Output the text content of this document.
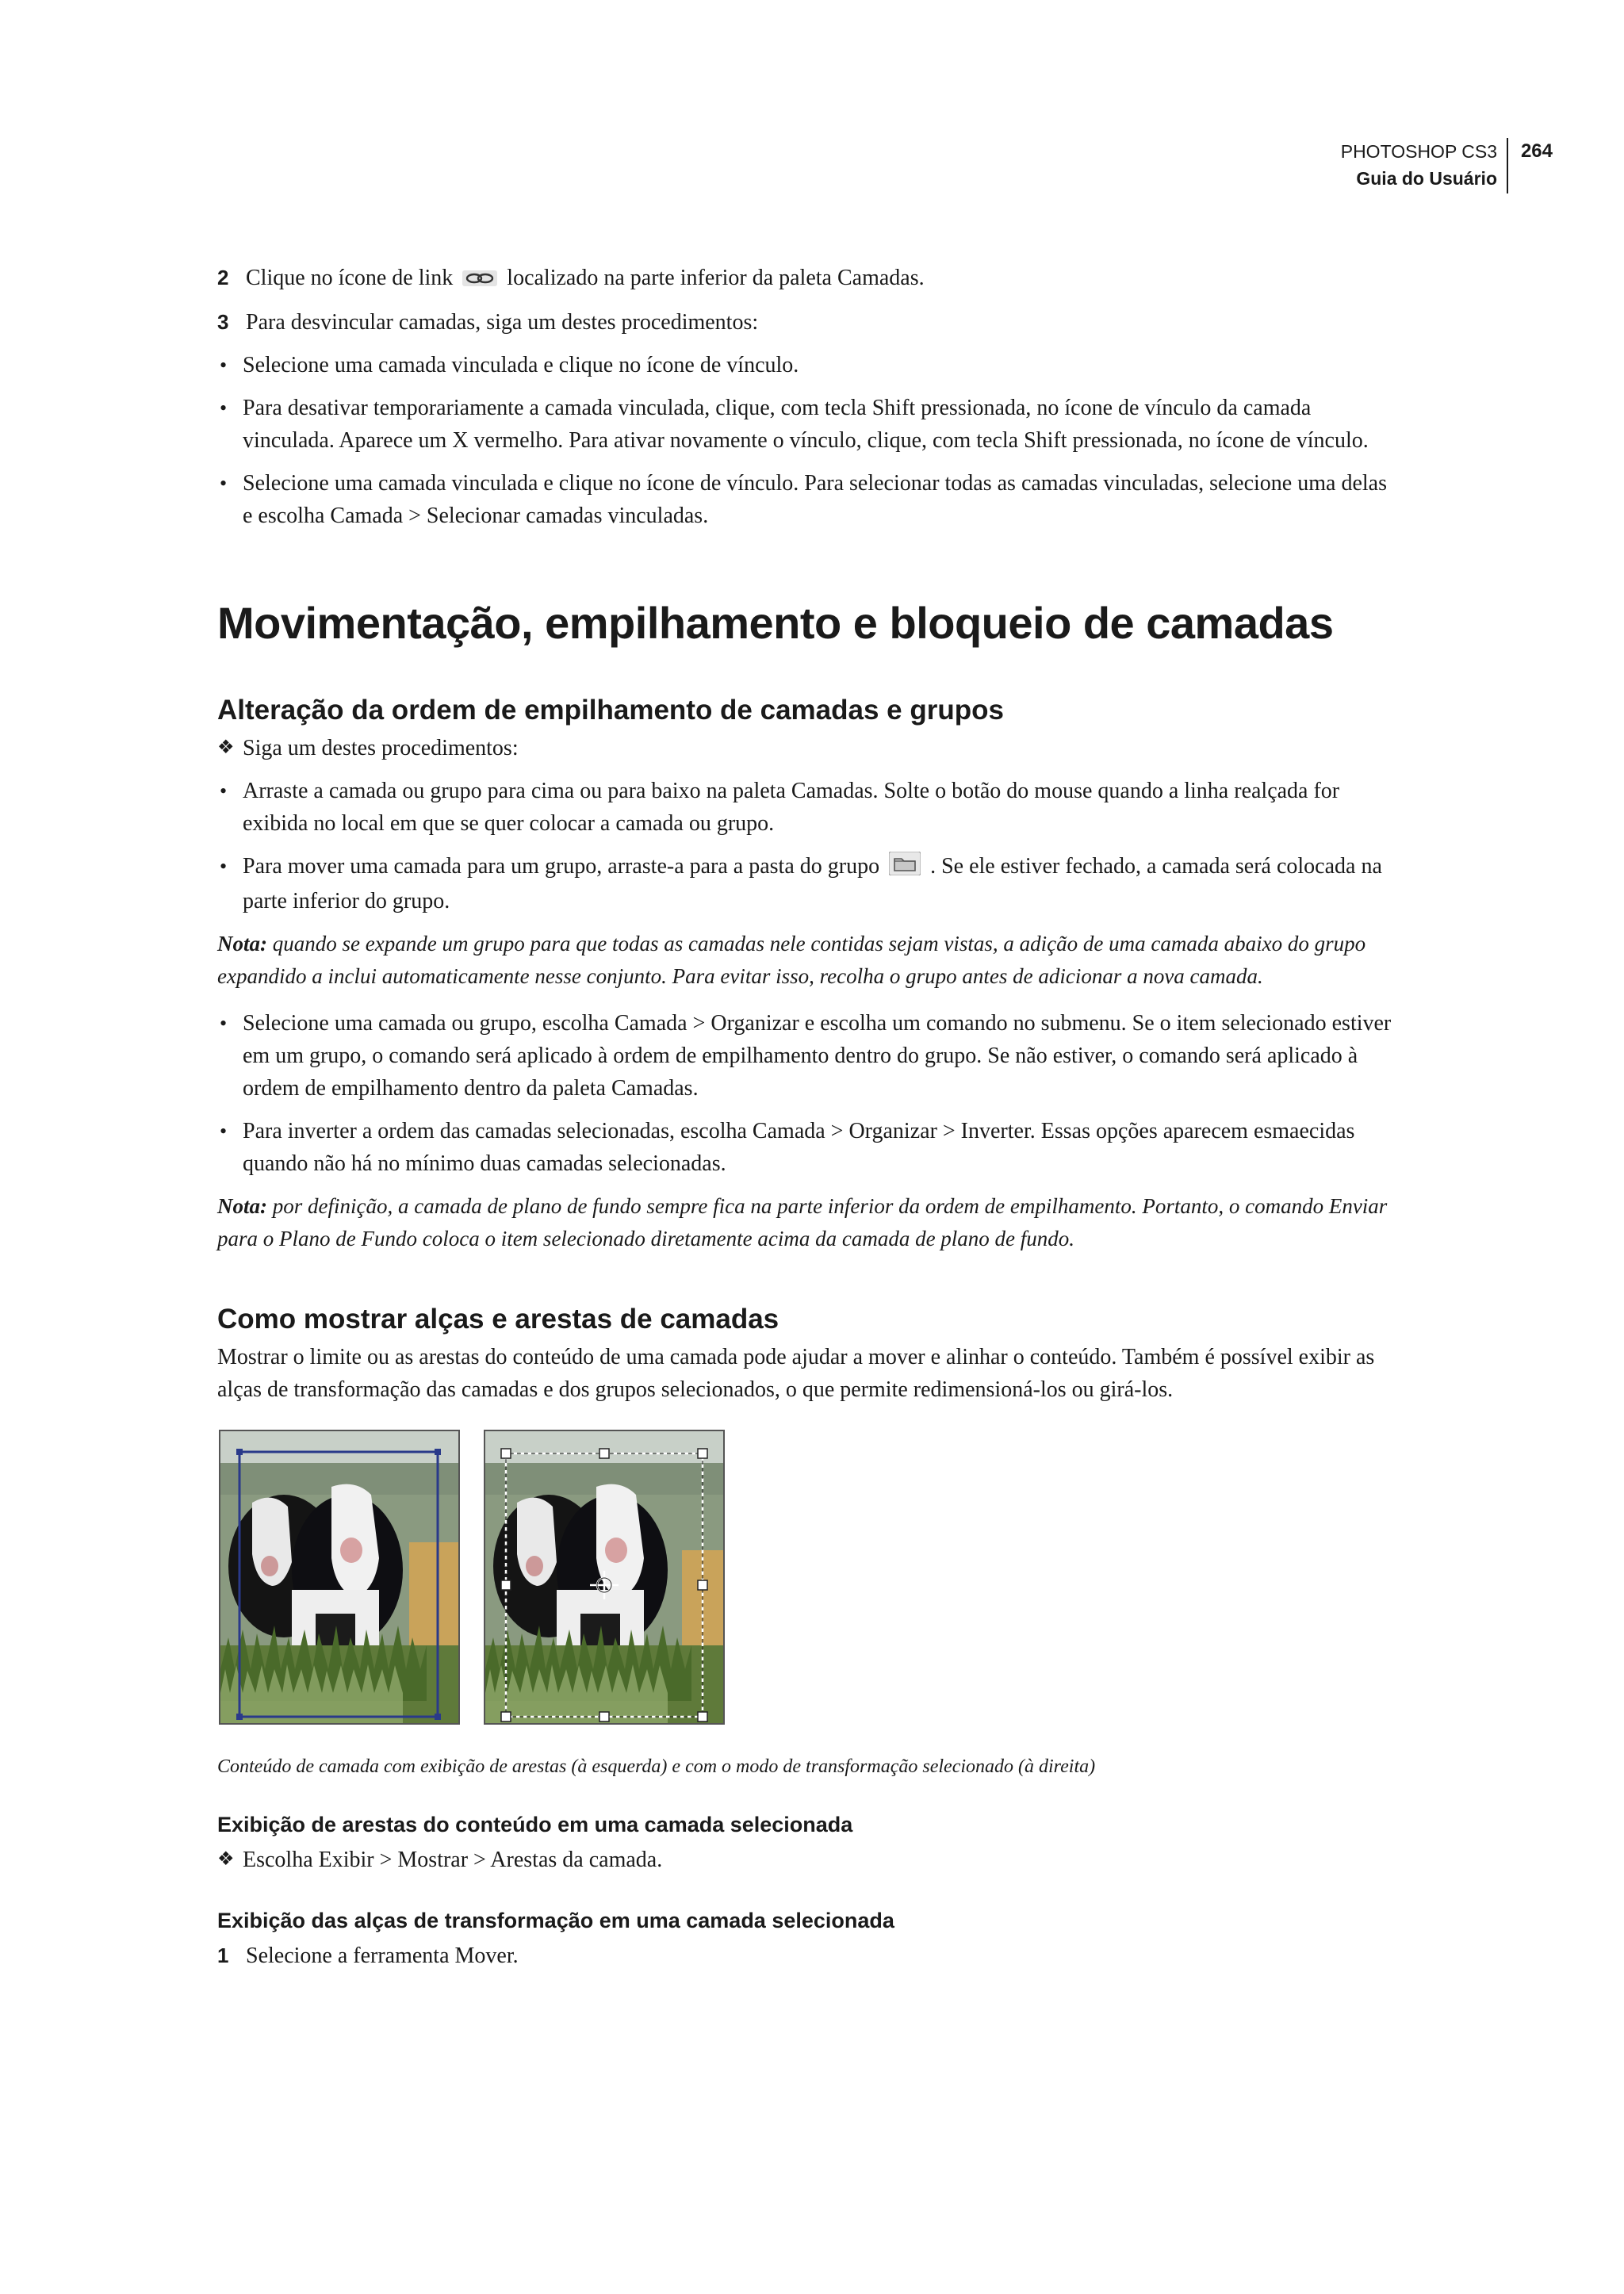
PHOTOSHOP CS3
Guia do Usuário
264
2 Clique no ícone de link localizado na parte inferior da paleta Camadas.
3 Para desvincular camadas, siga um destes procedimentos:
• Selecione uma camada vinculada e clique no ícone de vínculo.
• Para desativar temporariamente a camada vinculada, clique, com tecla Shift pressionada, no ícone de vínculo da camada vinculada. Aparece um X vermelho. Para ativar novamente o vínculo, clique, com tecla Shift pressionada, no ícone de vínculo.
• Selecione uma camada vinculada e clique no ícone de vínculo. Para selecionar todas as camadas vinculadas, selecione uma delas e escolha Camada > Selecionar camadas vinculadas.
Movimentação, empilhamento e bloqueio de camadas
Alteração da ordem de empilhamento de camadas e grupos
❖ Siga um destes procedimentos:
• Arraste a camada ou grupo para cima ou para baixo na paleta Camadas. Solte o botão do mouse quando a linha realçada for exibida no local em que se quer colocar a camada ou grupo.
• Para mover uma camada para um grupo, arraste-a para a pasta do grupo . Se ele estiver fechado, a camada será colocada na parte inferior do grupo.
Nota: quando se expande um grupo para que todas as camadas nele contidas sejam vistas, a adição de uma camada abaixo do grupo expandido a inclui automaticamente nesse conjunto. Para evitar isso, recolha o grupo antes de adicionar a nova camada.
• Selecione uma camada ou grupo, escolha Camada > Organizar e escolha um comando no submenu. Se o item selecionado estiver em um grupo, o comando será aplicado à ordem de empilhamento dentro do grupo. Se não estiver, o comando será aplicado à ordem de empilhamento dentro da paleta Camadas.
• Para inverter a ordem das camadas selecionadas, escolha Camada > Organizar > Inverter. Essas opções aparecem esmaecidas quando não há no mínimo duas camadas selecionadas.
Nota: por definição, a camada de plano de fundo sempre fica na parte inferior da ordem de empilhamento. Portanto, o comando Enviar para o Plano de Fundo coloca o item selecionado diretamente acima da camada de plano de fundo.
Como mostrar alças e arestas de camadas
Mostrar o limite ou as arestas do conteúdo de uma camada pode ajudar a mover e alinhar o conteúdo. Também é possível exibir as alças de transformação das camadas e dos grupos selecionados, o que permite redimensioná-los ou girá-los.
Conteúdo de camada com exibição de arestas (à esquerda) e com o modo de transformação selecionado (à direita)
Exibição de arestas do conteúdo em uma camada selecionada
❖ Escolha Exibir > Mostrar > Arestas da camada.
Exibição das alças de transformação em uma camada selecionada
1 Selecione a ferramenta Mover.
